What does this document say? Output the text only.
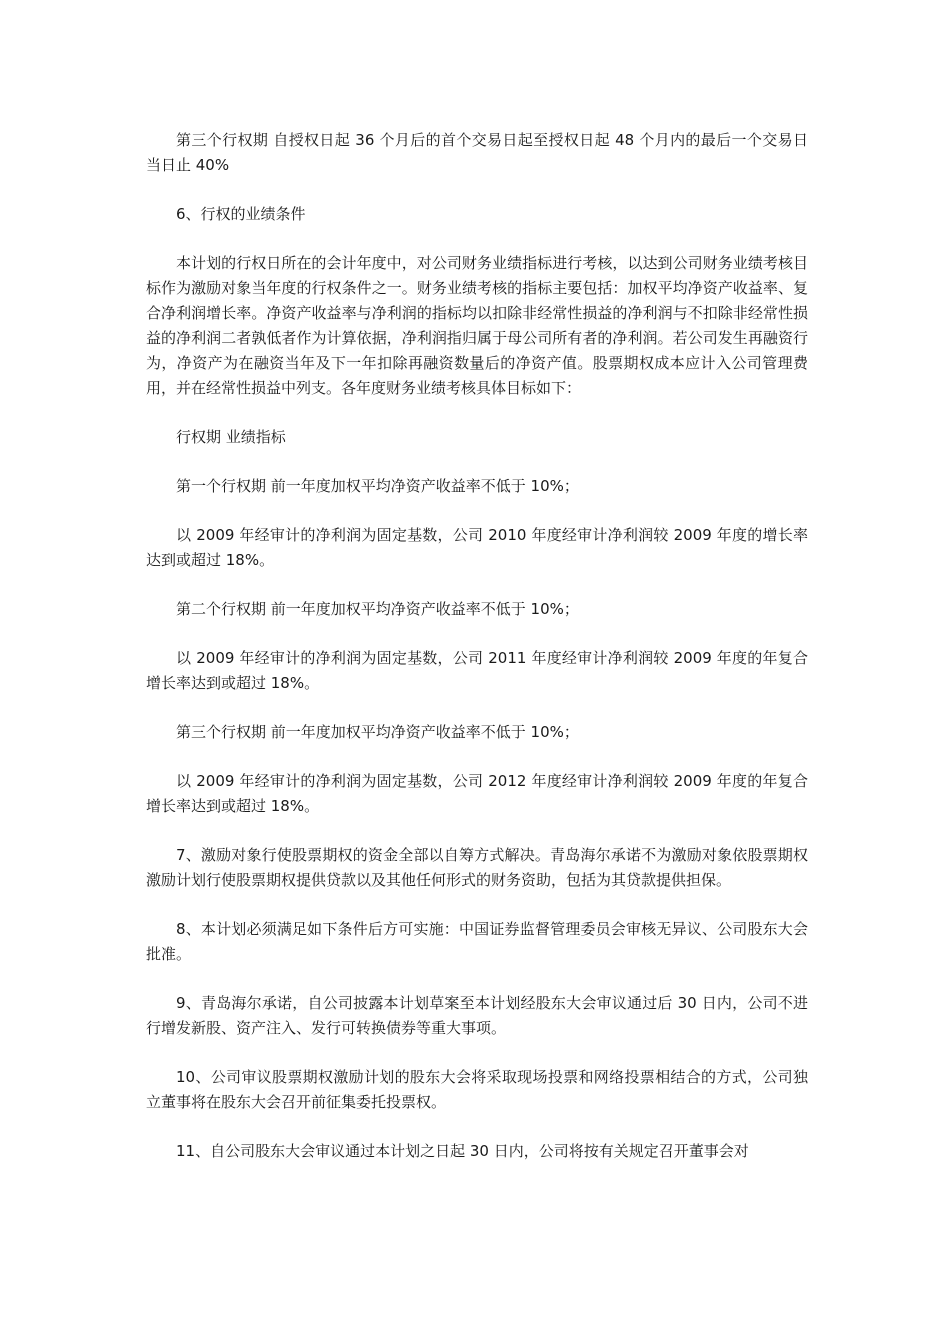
第三个行权期 自授权日起 36 个月后的首个交易日起至授权日起 48 个月内的最后一个交易日当日止 40%

6、行权的业绩条件

本计划的行权日所在的会计年度中，对公司财务业绩指标进行考核，以达到公司财务业绩考核目标作为激励对象当年度的行权条件之一。财务业绩考核的指标主要包括：加权平均净资产收益率、复合净利润增长率。净资产收益率与净利润的指标均以扣除非经常性损益的净利润与不扣除非经常性损益的净利润二者孰低者作为计算依据，净利润指归属于母公司所有者的净利润。若公司发生再融资行为，净资产为在融资当年及下一年扣除再融资数量后的净资产值。股票期权成本应计入公司管理费用，并在经常性损益中列支。各年度财务业绩考核具体目标如下：

行权期 业绩指标

第一个行权期 前一年度加权平均净资产收益率不低于 10%；

以 2009 年经审计的净利润为固定基数，公司 2010 年度经审计净利润较 2009 年度的增长率达到或超过 18%。

第二个行权期 前一年度加权平均净资产收益率不低于 10%；

以 2009 年经审计的净利润为固定基数，公司 2011 年度经审计净利润较 2009 年度的年复合增长率达到或超过 18%。

第三个行权期 前一年度加权平均净资产收益率不低于 10%；

以 2009 年经审计的净利润为固定基数，公司 2012 年度经审计净利润较 2009 年度的年复合增长率达到或超过 18%。

7、激励对象行使股票期权的资金全部以自筹方式解决。青岛海尔承诺不为激励对象依股票期权激励计划行使股票期权提供贷款以及其他任何形式的财务资助，包括为其贷款提供担保。

8、本计划必须满足如下条件后方可实施：中国证券监督管理委员会审核无异议、公司股东大会批准。

9、青岛海尔承诺，自公司披露本计划草案至本计划经股东大会审议通过后 30 日内，公司不进行增发新股、资产注入、发行可转换债券等重大事项。

10、公司审议股票期权激励计划的股东大会将采取现场投票和网络投票相结合的方式，公司独立董事将在股东大会召开前征集委托投票权。

11、自公司股东大会审议通过本计划之日起 30 日内，公司将按有关规定召开董事会对
